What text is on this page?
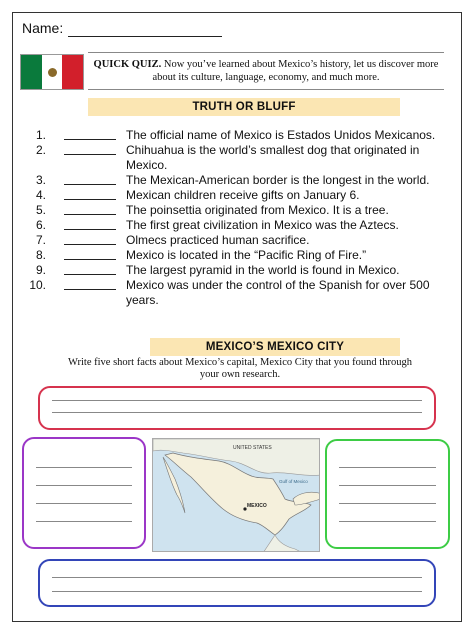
Name:
QUICK QUIZ. Now you’ve learned about Mexico’s history, let us discover more about its culture, language, economy, and much more.
TRUTH OR BLUFF
1.	The official name of Mexico is Estados Unidos Mexicanos.
2.	Chihuahua is the world’s smallest dog that originated in Mexico.
3.	The Mexican-American border is the longest in the world.
4.	Mexican children receive gifts on January 6.
5.	The poinsettia originated from Mexico. It is a tree.
6.	The first great civilization in Mexico was the Aztecs.
7.	Olmecs practiced human sacrifice.
8.	Mexico is located in the “Pacific Ring of Fire.”
9.	The largest pyramid in the world is found in Mexico.
10.	Mexico was under the control of the Spanish for over 500 years.
MEXICO’S MEXICO CITY
Write five short facts about Mexico’s capital, Mexico City that you found through your own research.
UNITED STATES
Gulf of Mexico
MEXICO
